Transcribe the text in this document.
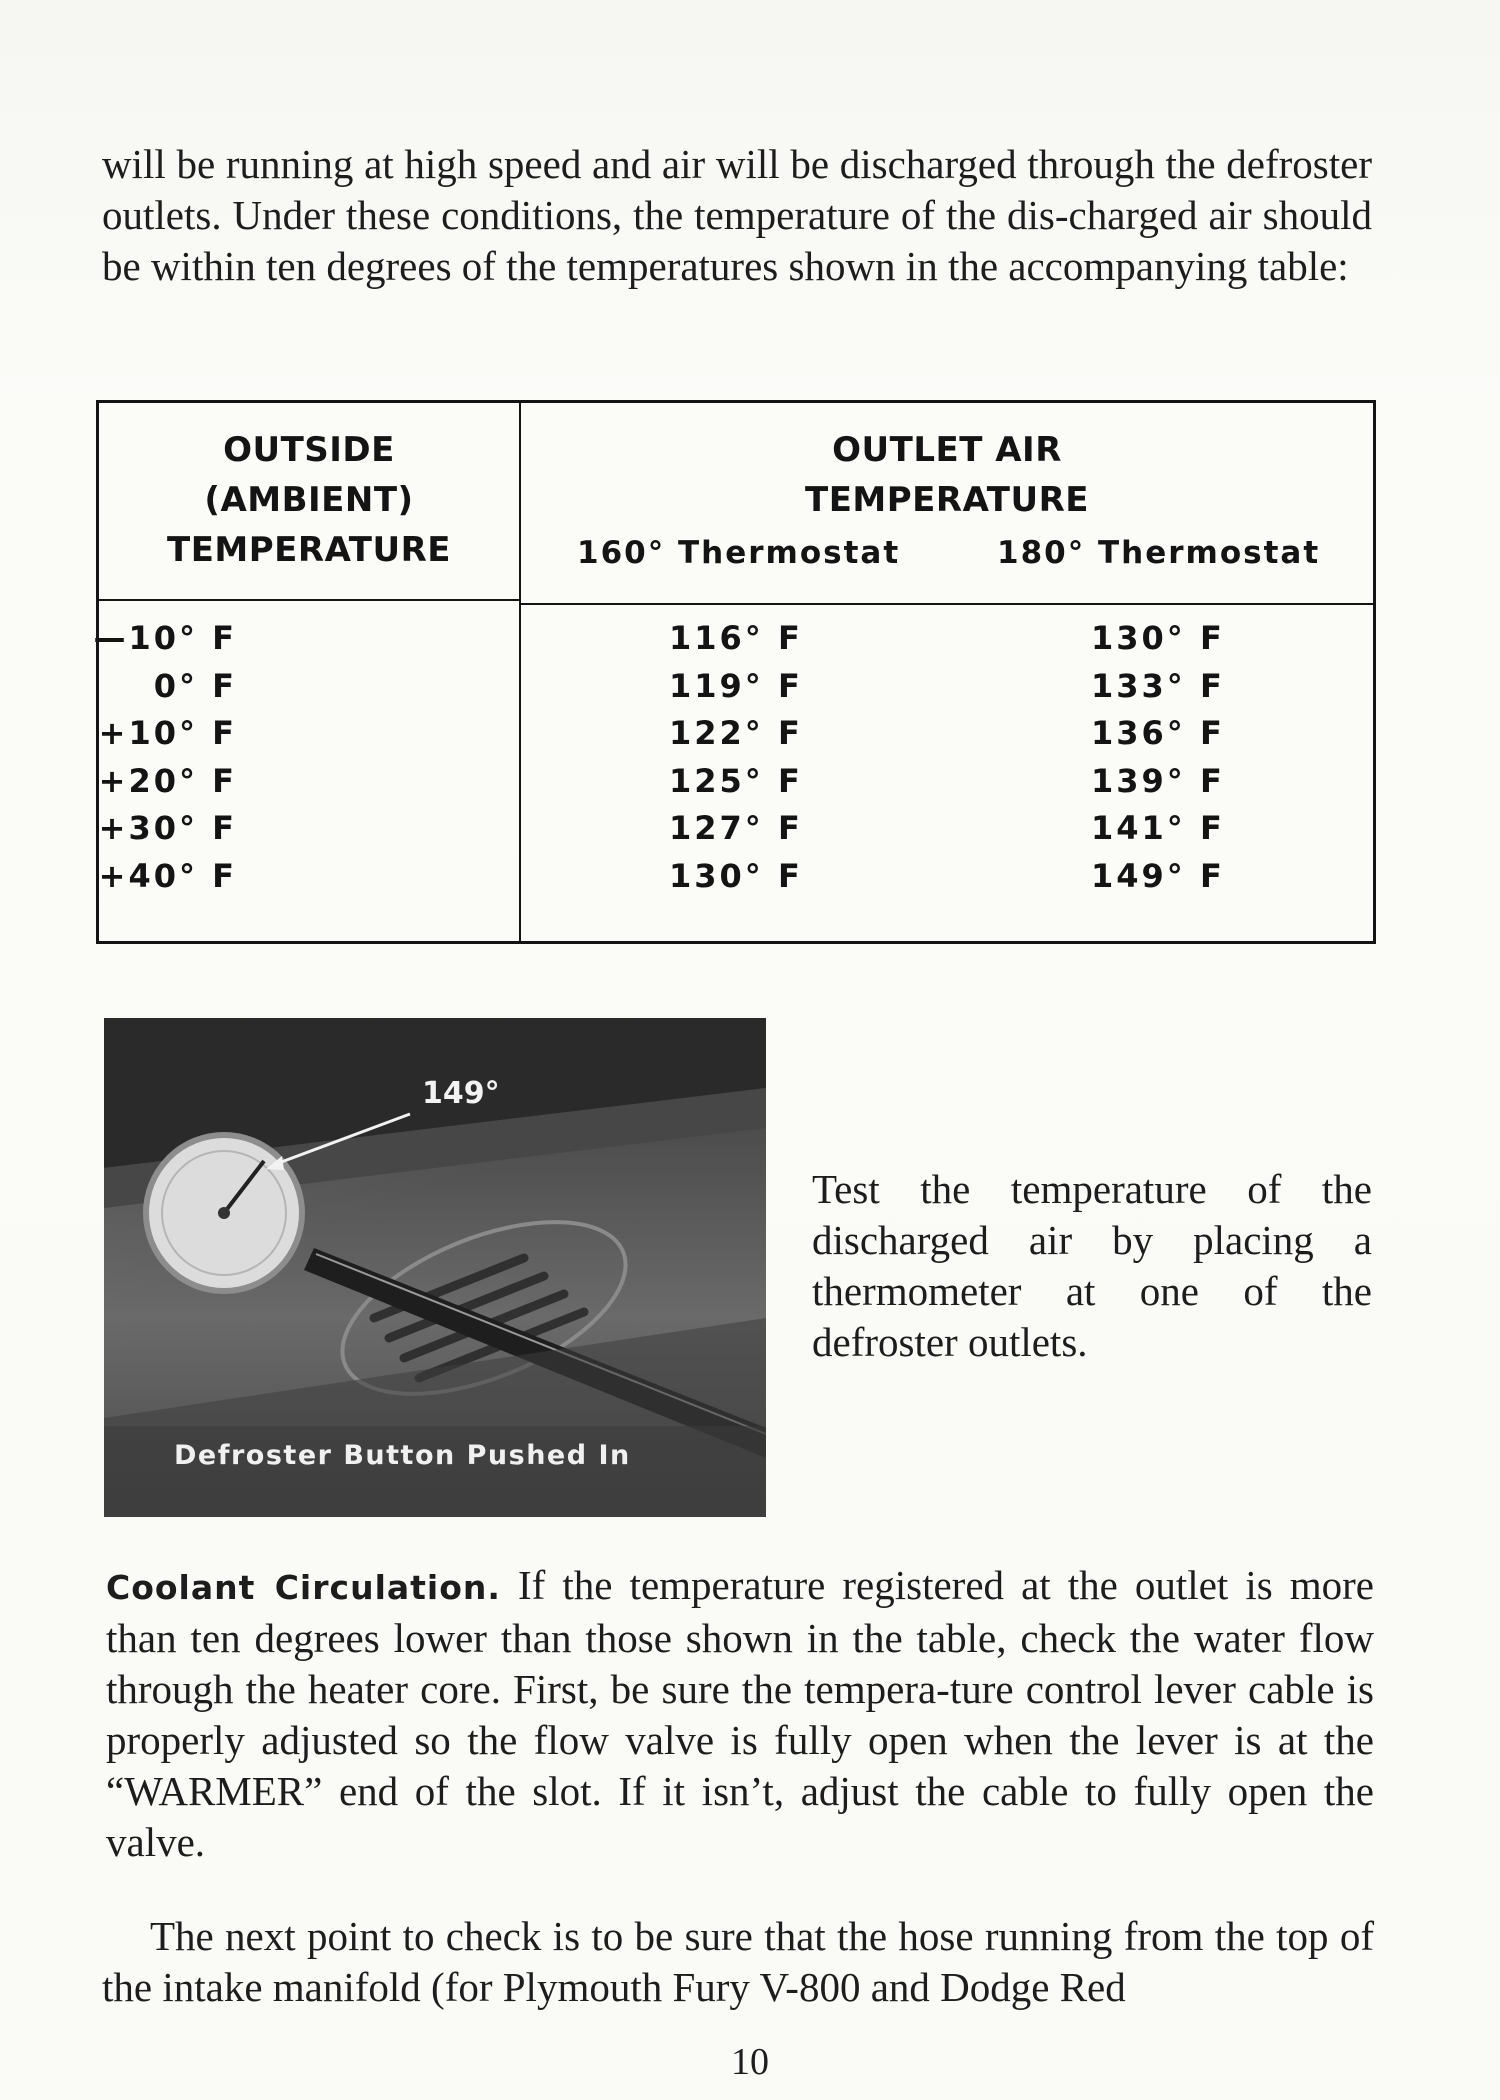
will be running at high speed and air will be discharged through the defroster outlets. Under these conditions, the temperature of the dis-charged air should be within ten degrees of the temperatures shown in the accompanying table:

OUTSIDE
(AMBIENT)
TEMPERATURE
OUTLET AIR
TEMPERATURE
160° Thermostat	180° Thermostat
—10° F
0° F
+10° F
+20° F
+30° F
+40° F
116° F
119° F
122° F
125° F
127° F
130° F
130° F
133° F
136° F
139° F
141° F
149° F
149°
Defroster Button Pushed In

Test the temperature of the discharged air by placing a thermometer at one of the defroster outlets.

Coolant Circulation. If the temperature registered at the outlet is more than ten degrees lower than those shown in the table, check the water flow through the heater core. First, be sure the tempera-ture control lever cable is properly adjusted so the flow valve is fully open when the lever is at the “WARMER” end of the slot. If it isn’t, adjust the cable to fully open the valve.

The next point to check is to be sure that the hose running from the top of the intake manifold (for Plymouth Fury V-800 and Dodge Red

10
